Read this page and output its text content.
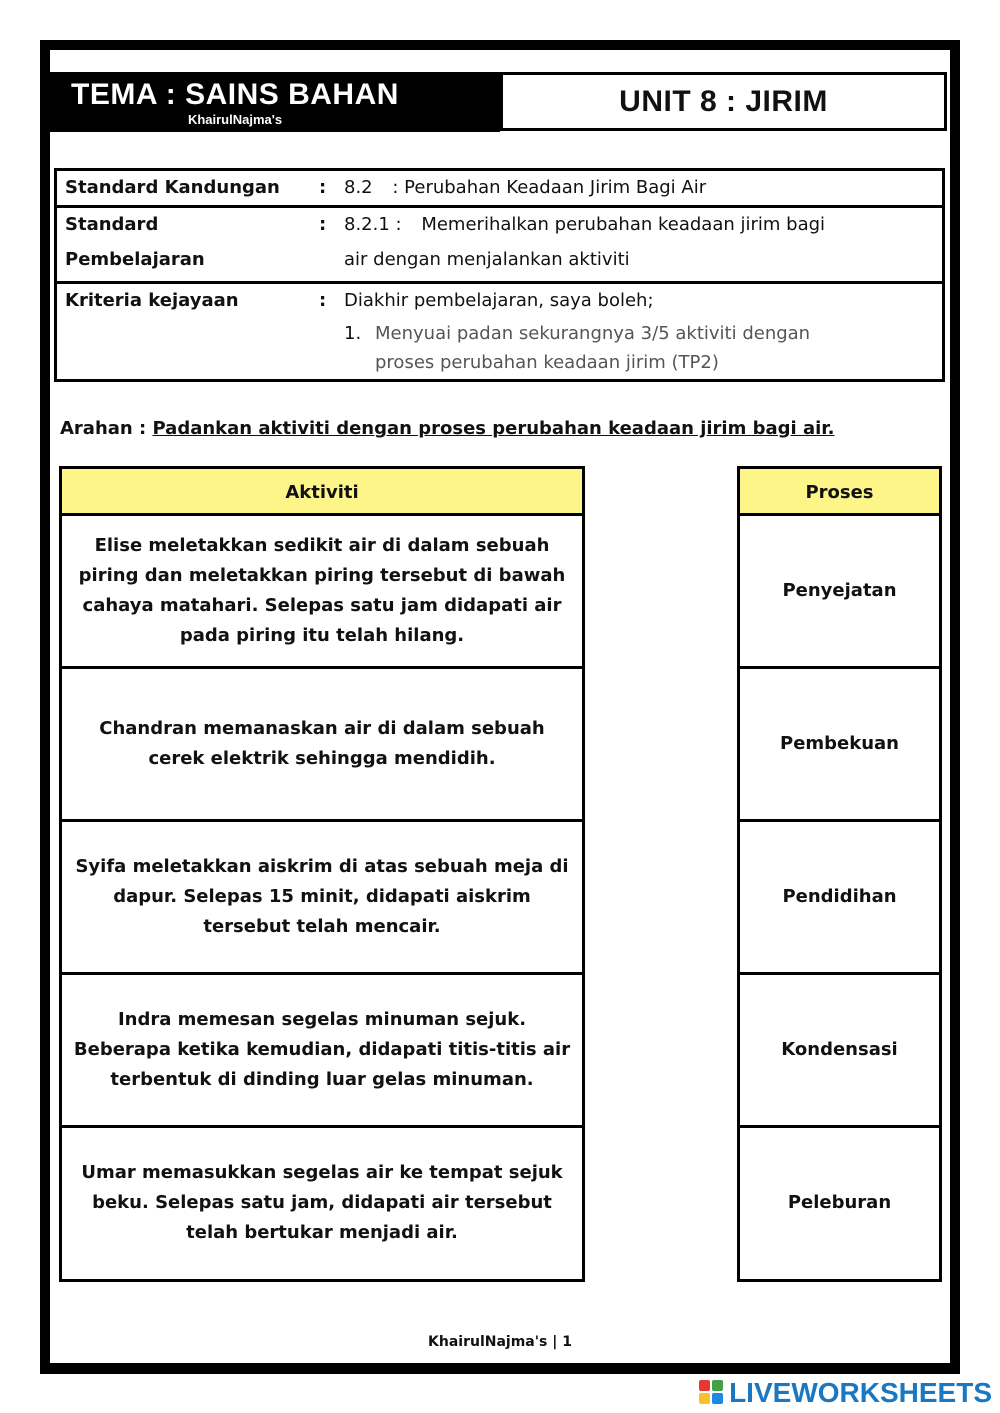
TEMA : SAINS BAHAN
KhairulNajma's
UNIT 8 : JIRIM
Standard Kandungan : 8.2 : Perubahan Keadaan Jirim Bagi Air
Standard
Pembelajaran
: 8.2.1 : Memerihalkan perubahan keadaan jirim bagi
air dengan menjalankan aktiviti
Kriteria kejayaan	: Diakhir pembelajaran, saya boleh;
1. Menyuai padan sekurangnya 3/5 aktiviti dengan
proses perubahan keadaan jirim (TP2)
Arahan : Padankan aktiviti dengan proses perubahan keadaan jirim bagi air.
Aktiviti
Elise meletakkan sedikit air di dalam sebuah piring dan meletakkan piring tersebut di bawah cahaya matahari. Selepas satu jam didapati air pada piring itu telah hilang.
Chandran memanaskan air di dalam sebuah cerek elektrik sehingga mendidih.
Syifa meletakkan aiskrim di atas sebuah meja di dapur. Selepas 15 minit, didapati aiskrim tersebut telah mencair.
Indra memesan segelas minuman sejuk. Beberapa ketika kemudian, didapati titis-titis air terbentuk di dinding luar gelas minuman.
Umar memasukkan segelas air ke tempat sejuk beku. Selepas satu jam, didapati air tersebut telah bertukar menjadi air.
Proses
Penyejatan
Pembekuan
Pendidihan
Kondensasi
Peleburan
KhairulNajma's | 1
LIVEWORKSHEETS
